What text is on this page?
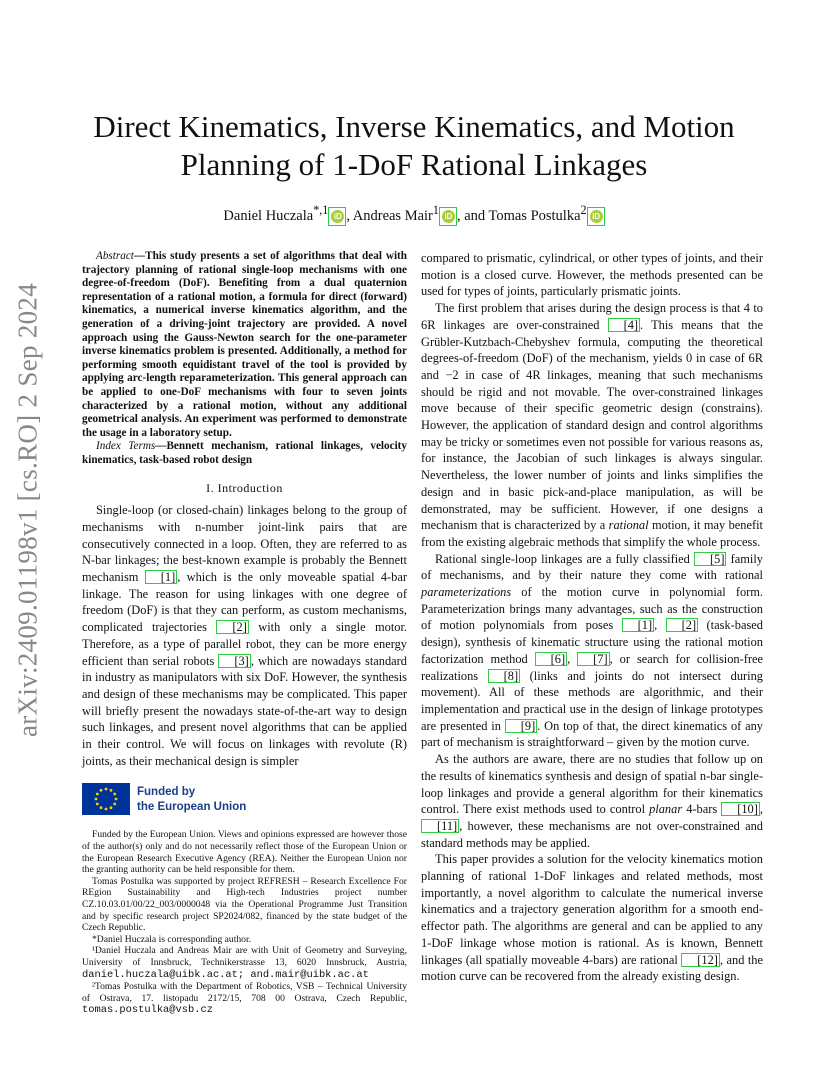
arXiv:2409.01198v1 [cs.RO] 2 Sep 2024
Direct Kinematics, Inverse Kinematics, and Motion
Planning of 1-DoF Rational Linkages
Daniel Huczala$^{*,1}$ iD , Andreas Mair$^1$ iD , and Tomas Postulka$^2$ iD

Abstract—This study presents a set of algorithms that deal with trajectory planning of rational single-loop mechanisms with one degree-of-freedom (DoF). Benefiting from a dual quaternion representation of a rational motion, a formula for direct (forward) kinematics, a numerical inverse kinematics algorithm, and the generation of a driving-joint trajectory are provided. A novel approach using the Gauss-Newton search for the one-parameter inverse kinematics problem is presented. Additionally, a method for performing smooth equidistant travel of the tool is provided by applying arc-length reparameterization. This general approach can be applied to one-DoF mechanisms with four to seven joints characterized by a rational motion, without any additional geometrical analysis. An experiment was performed to demonstrate the usage in a laboratory setup.

Index Terms—Bennett mechanism, rational linkages, velocity kinematics, task-based robot design

I. Introduction

Single-loop (or closed-chain) linkages belong to the group of mechanisms with n-number joint-link pairs that are consecutively connected in a loop. Often, they are referred to as N-bar linkages; the best-known example is probably the Bennett mechanism [1] , which is the only moveable spatial 4-bar linkage. The reason for using linkages with one degree of freedom (DoF) is that they can perform, as custom mechanisms, complicated trajectories [2] with only a single motor. Therefore, as a type of parallel robot, they can be more energy efficient than serial robots [3] , which are nowadays standard in industry as manipulators with six DoF. However, the synthesis and design of these mechanisms may be complicated. This paper will briefly present the nowadays state-of-the-art way to design such linkages, and present novel algorithms that can be applied in their control. We will focus on linkages with revolute (R) joints, as their mechanical design is simpler

Funded by
the European Union

Funded by the European Union. Views and opinions expressed are however those of the author(s) only and do not necessarily reflect those of the European Union or the European Research Executive Agency (REA). Neither the European Union nor the granting authority can be held responsible for them.

Tomas Postulka was supported by project REFRESH – Research Excellence For REgion Sustainability and High-tech Industries project number CZ.10.03.01/00/22_003/0000048 via the Operational Programme Just Transition and by specific research project SP2024/082, financed by the state budget of the Czech Republic.

*Daniel Huczala is corresponding author.

¹Daniel Huczala and Andreas Mair are with Unit of Geometry and Surveying, University of Innsbruck, Technikerstrasse 13, 6020 Innsbruck, Austria, daniel.huczala@uibk.ac.at; and.mair@uibk.ac.at

²Tomas Postulka with the Department of Robotics, VSB – Technical University of Ostrava, 17. listopadu 2172/15, 708 00 Ostrava, Czech Republic, tomas.postulka@vsb.cz

compared to prismatic, cylindrical, or other types of joints, and their motion is a closed curve. However, the methods presented can be used for types of joints, particularly prismatic joints.

The first problem that arises during the design process is that 4 to 6R linkages are over-constrained [4] . This means that the Grübler-Kutzbach-Chebyshev formula, computing the theoretical degrees-of-freedom (DoF) of the mechanism, yields 0 in case of 6R and −2 in case of 4R linkages, meaning that such mechanisms should be rigid and not movable. The over-constrained linkages move because of their specific geometric design (constrains). However, the application of standard design and control algorithms may be tricky or sometimes even not possible for various reasons as, for instance, the Jacobian of such linkages is always singular. Nevertheless, the lower number of joints and links simplifies the design and in basic pick-and-place manipulation, as will be demonstrated, may be sufficient. However, if one designs a mechanism that is characterized by a rational motion, it may benefit from the existing algebraic methods that simplify the whole process.

Rational single-loop linkages are a fully classified [5] family of mechanisms, and by their nature they come with rational parameterizations of the motion curve in polynomial form. Parameterization brings many advantages, such as the construction of motion polynomials from poses [1] , [2] (task-based design), synthesis of kinematic structure using the rational motion factorization method [6] , [7] , or search for collision-free realizations [8] (links and joints do not intersect during movement). All of these methods are algorithmic, and their implementation and practical use in the design of linkage prototypes are presented in [9] . On top of that, the direct kinematics of any part of mechanism is straightforward – given by the motion curve.

As the authors are aware, there are no studies that follow up on the results of kinematics synthesis and design of spatial n-bar single-loop linkages and provide a general algorithm for their kinematics control. There exist methods used to control planar 4-bars [10] , [11] , however, these mechanisms are not over-constrained and standard methods may be applied.

This paper provides a solution for the velocity kinematics motion planning of rational 1-DoF linkages and related methods, most importantly, a novel algorithm to calculate the numerical inverse kinematics and a trajectory generation algorithm for a smooth end-effector path. The algorithms are general and can be applied to any 1-DoF linkage whose motion is rational. As is known, Bennett linkages (all spatially moveable 4-bars) are rational [12] , and the motion curve can be recovered from the already existing design.
